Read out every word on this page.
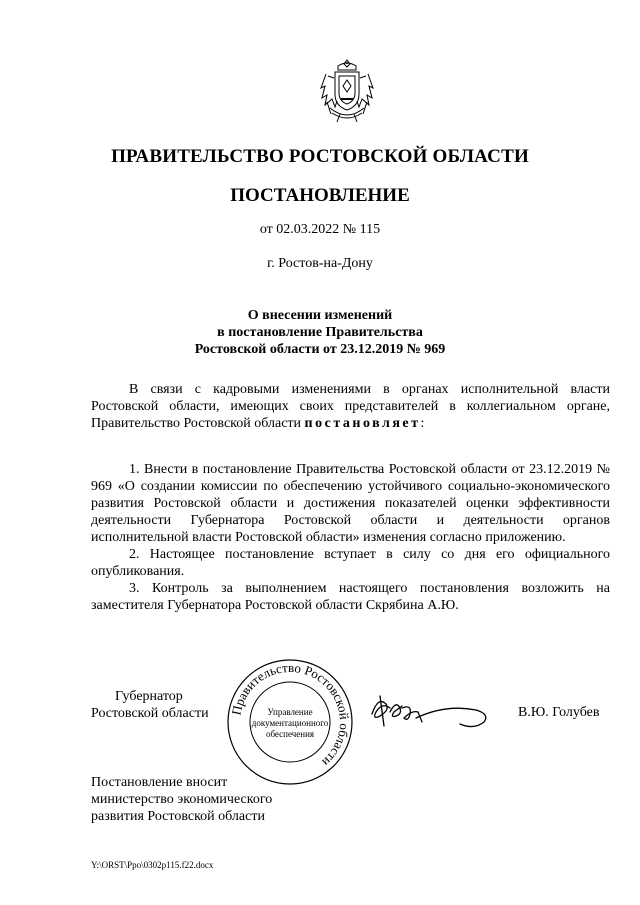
ПРАВИТЕЛЬСТВО РОСТОВСКОЙ ОБЛАСТИ
ПОСТАНОВЛЕНИЕ
от 02.03.2022 № 115
г. Ростов-на-Дону
О внесении изменений
в постановление Правительства
Ростовской области от 23.12.2019 № 969

В связи с кадровыми изменениями в органах исполнительной власти Ростовской области, имеющих своих представителей в коллегиальном органе, Правительство Ростовской области постановляет:

1. Внести в постановление Правительства Ростовской области от 23.12.2019 № 969 «О создании комиссии по обеспечению устойчивого социально-экономического развития Ростовской области и достижения показателей оценки эффективности деятельности Губернатора Ростовской области и деятельности органов исполнительной власти Ростовской области» изменения согласно приложению.

2. Настоящее постановление вступает в силу со дня его официального опубликования.

3. Контроль за выполнением настоящего постановления возложить на заместителя Губернатора Ростовской области Скрябина А.Ю.

Губернатор
Ростовской области Правительство Ростовской области
Управление
документационного
обеспечения
В.Ю. Голубев
Постановление вносит
министерство экономического
развития Ростовской области
Y:\ORST\Ppo\0302p115.f22.docx
